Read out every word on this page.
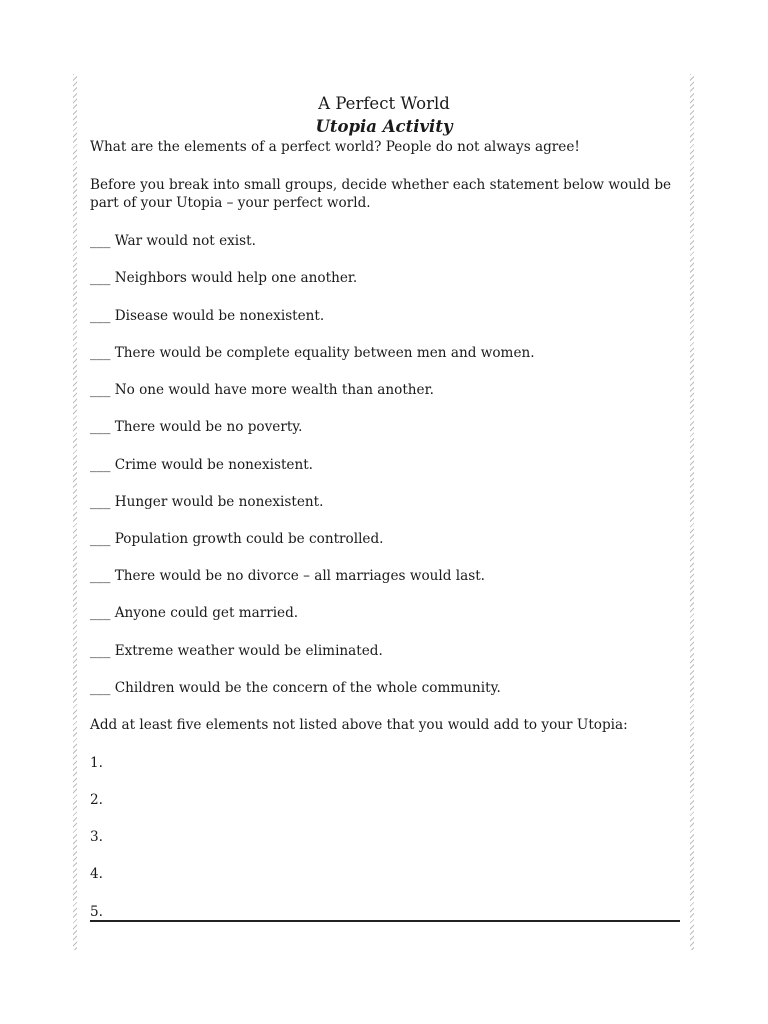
A Perfect World
Utopia Activity
What are the elements of a perfect world? People do not always agree!
Before you break into small groups, decide whether each statement below would be part of your Utopia – your perfect world.
___ War would not exist.
___ Neighbors would help one another.
___ Disease would be nonexistent.
___ There would be complete equality between men and women.
___ No one would have more wealth than another.
___ There would be no poverty.
___ Crime would be nonexistent.
___ Hunger would be nonexistent.
___ Population growth could be controlled.
___ There would be no divorce – all marriages would last.
___ Anyone could get married.
___ Extreme weather would be eliminated.
___ Children would be the concern of the whole community.
Add at least five elements not listed above that you would add to your Utopia:
1.
2.
3.
4.
5.
